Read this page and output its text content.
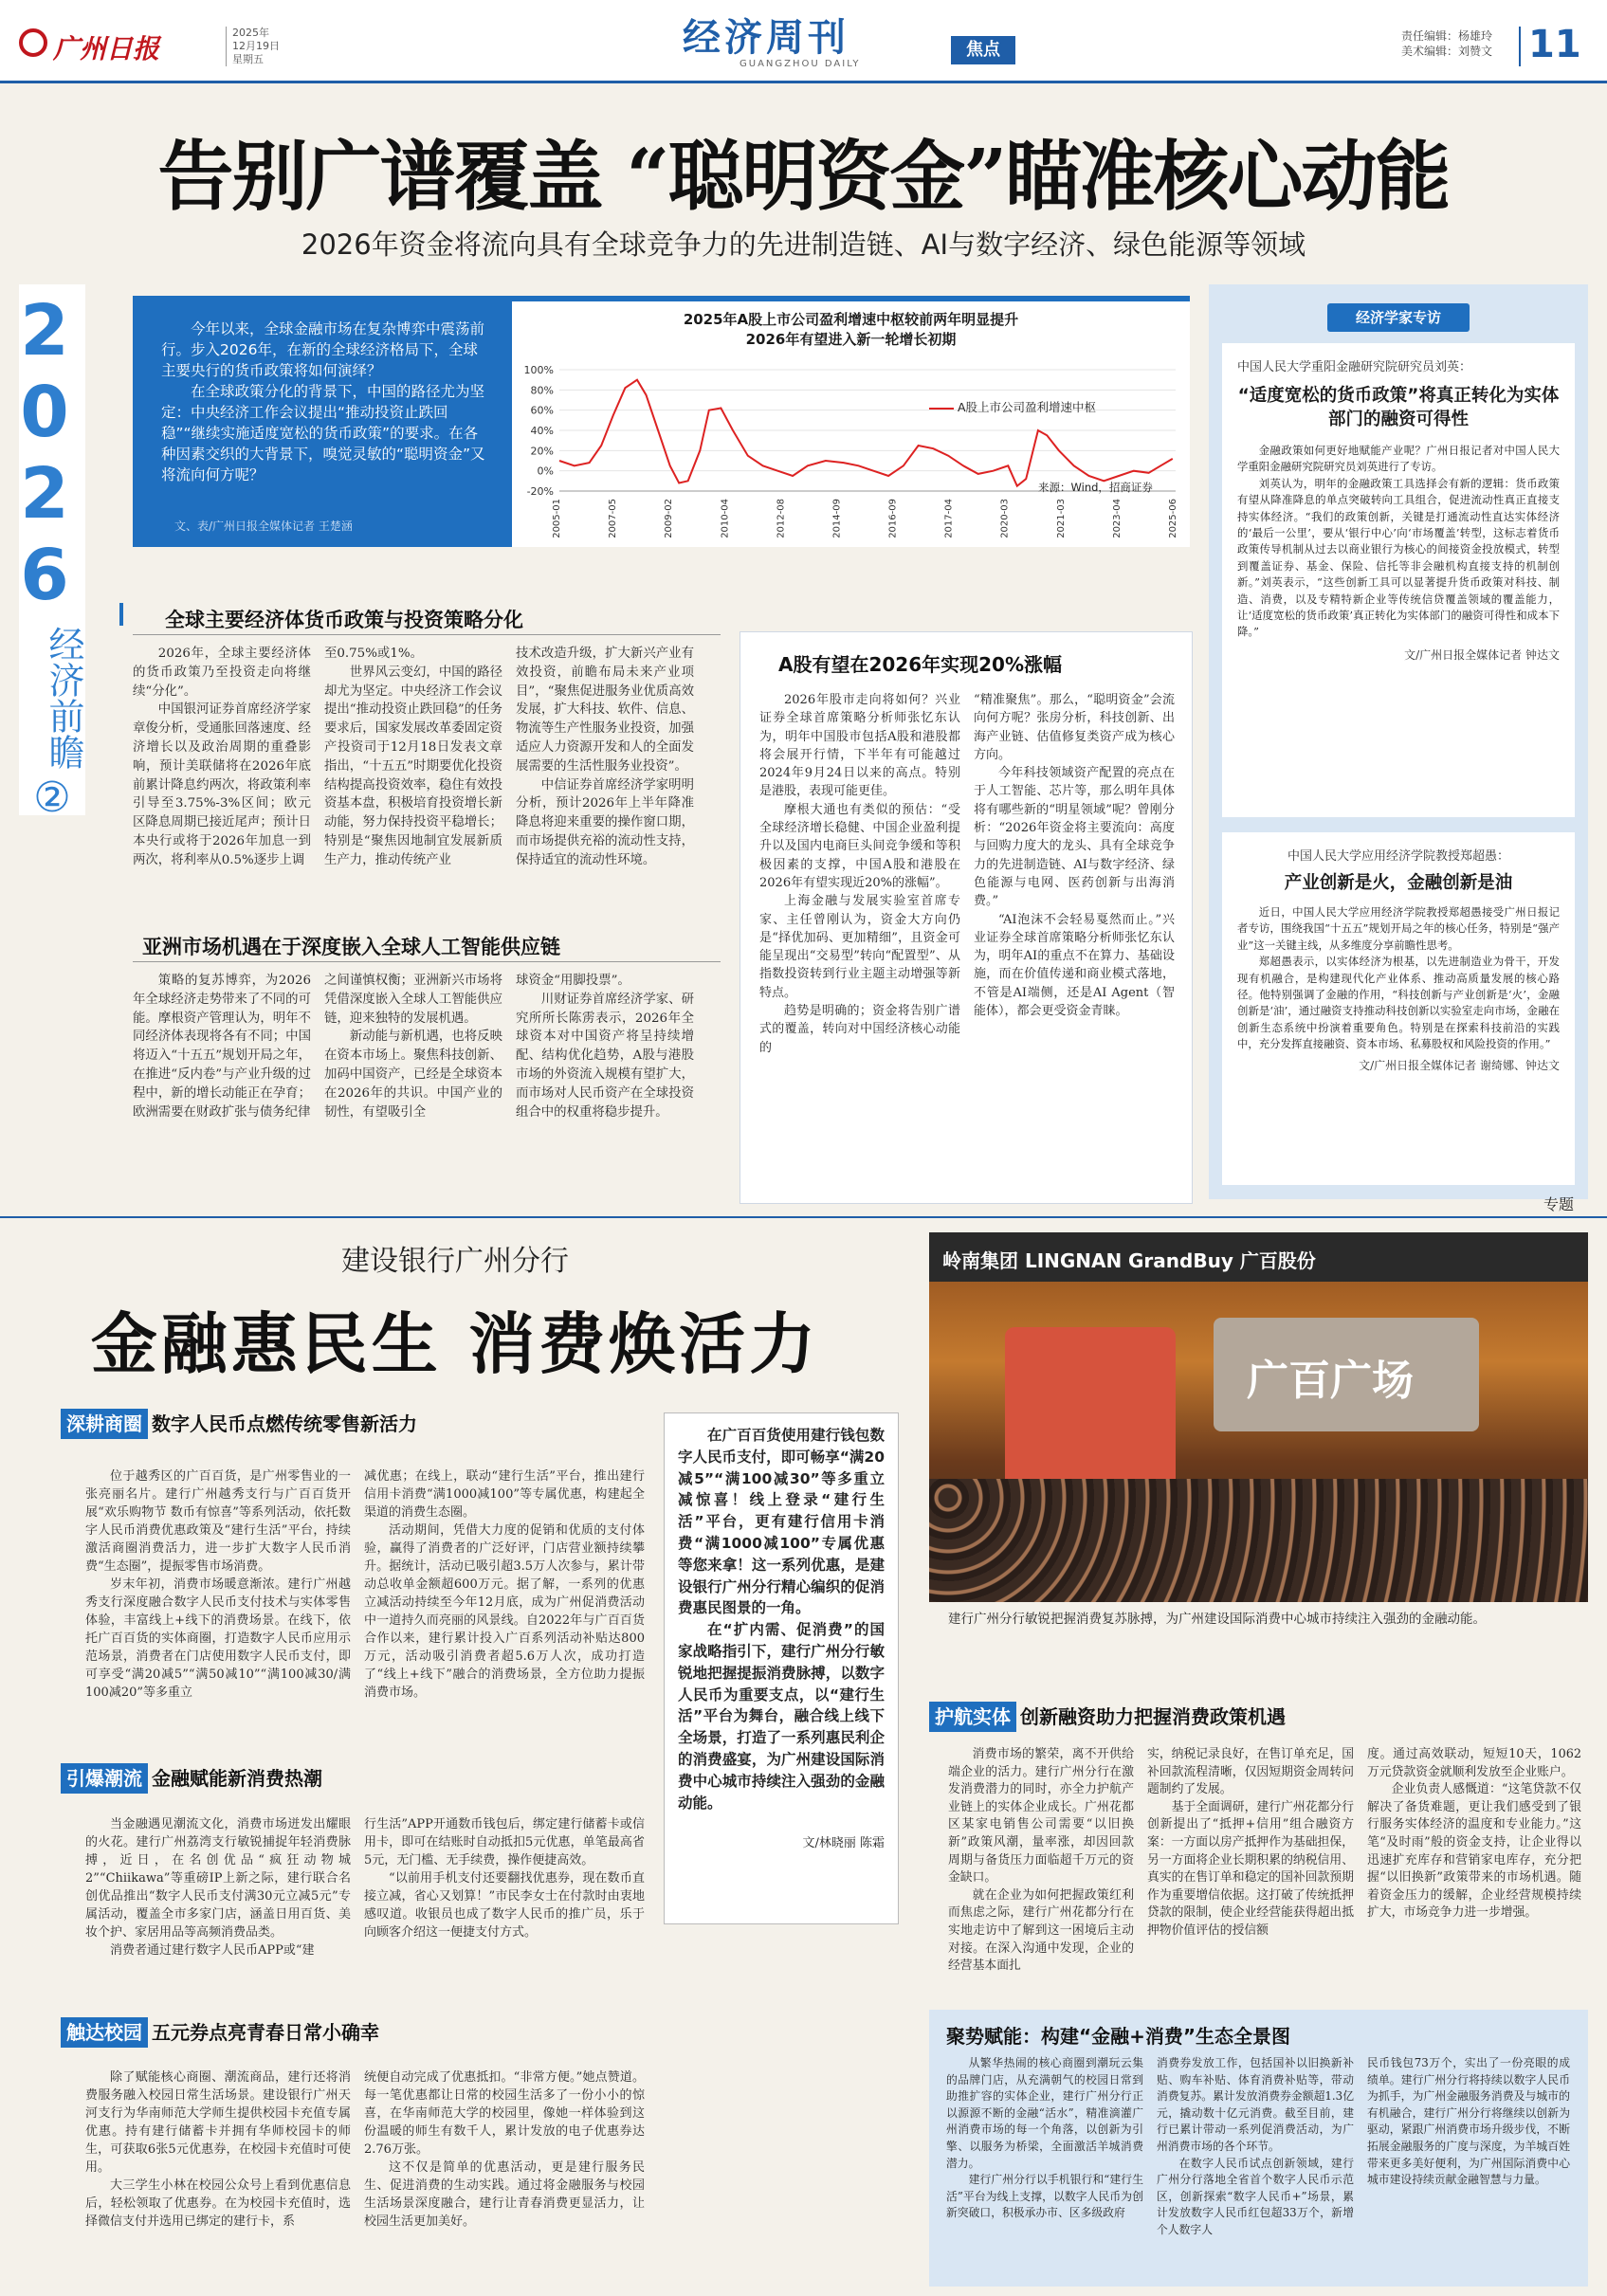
广州日报
2025年
12月19日
星期五	经济周刊
GUANGZHOU DAILY
焦点
责任编辑：杨雄玲
美术编辑：刘赞文 11
告别广谱覆盖 “聪明资金”瞄准核心动能
2026年资金将流向具有全球竞争力的先进制造链、AI与数字经济、绿色能源等领域
2026
经济前瞻
②
今年以来，全球金融市场在复杂博弈中震荡前行。步入2026年，在新的全球经济格局下，全球主要央行的货币政策将如何演绎？
在全球政策分化的背景下，中国的路径尤为坚定：中央经济工作会议提出“推动投资止跌回稳”“继续实施适度宽松的货币政策”的要求。在各种因素交织的大背景下，嗅觉灵敏的“聪明资金”又将流向何方呢？
文、表/广州日报全媒体记者 王楚涵
2025年A股上市公司盈利增速中枢较前两年明显提升
2026年有望进入新一轮增长初期
100%
80%
60%
40%
20%
0%
-20%
2005-01	2007-05	2009-02	2010-04	2012-08	2014-09	2016-09	2017-04	2020-03	2021-03	2023-04	2025-06
A股上市公司盈利增速中枢
来源：Wind，招商证券
经济学家专访
中国人民大学重阳金融研究院研究员刘英：
“适度宽松的货币政策”将真正转化为实体部门的融资可得性
金融政策如何更好地赋能产业呢？广州日报记者对中国人民大学重阳金融研究院研究员刘英进行了专访。
刘英认为，明年的金融政策工具选择会有新的逻辑：货币政策有望从降准降息的单点突破转向工具组合，促进流动性真正直接支持实体经济。“我们的政策创新，关键是打通流动性直达实体经济的‘最后一公里’，要从‘银行中心’向‘市场覆盖’转型，这标志着货币政策传导机制从过去以商业银行为核心的间接资金投放模式，转型到覆盖证券、基金、保险、信托等非会融机构直接支持的机制创新。”刘英表示，“这些创新工具可以显著提升货币政策对科技、制造、消费，以及专精特新企业等传统信贷覆盖领域的覆盖能力，让‘适度宽松的货币政策’真正转化为实体部门的融资可得性和成本下降。”
文/广州日报全媒体记者 钟达文
中国人民大学应用经济学院教授郑超愚：
产业创新是火，金融创新是油
近日，中国人民大学应用经济学院教授郑超愚接受广州日报记者专访，围绕我国“十五五”规划开局之年的核心任务，特别是“强产业”这一关键主线，从多维度分享前瞻性思考。
郑超愚表示，以实体经济为根基，以先进制造业为骨干，开发现有机融合，是构建现代化产业体系、推动高质量发展的核心路径。他特别强调了金融的作用，“科技创新与产业创新是‘火’，金融创新是‘油’，通过融资支持推动科技创新以实验室走向市场，金融在创新生态系统中扮演着重要角色。特别是在探索科技前沿的实践中，充分发挥直接融资、资本市场、私募股权和风险投资的作用。”
文/广州日报全媒体记者 谢绮娜、钟达文
全球主要经济体货币政策与投资策略分化

2026年，全球主要经济体的货币政策乃至投资走向将继续“分化”。

中国银河证券首席经济学家章俊分析，受通胀回落速度、经济增长以及政治周期的重叠影响，预计美联储将在2026年底前累计降息约两次，将政策利率引导至3.75%-3%区间；欧元区降息周期已接近尾声；预计日本央行或将于2026年加息一到两次，将利率从0.5%逐步上调

至0.75%或1%。

世界风云变幻，中国的路径却尤为坚定。中央经济工作会议提出“推动投资止跌回稳”的任务要求后，国家发展改革委固定资产投资司于12月18日发表文章指出，“十五五”时期要优化投资结构提高投资效率，稳住有效投资基本盘，积极培育投资增长新动能，努力保持投资平稳增长；特别是“聚焦因地制宜发展新质生产力，推动传统产业

技术改造升级，扩大新兴产业有效投资，前瞻布局未来产业项目”，“聚焦促进服务业优质高效发展，扩大科技、软件、信息、物流等生产性服务业投资，加强适应人力资源开发和人的全面发展需要的生活性服务业投资”。

中信证券首席经济学家明明分析，预计2026年上半年降准降息将迎来重要的操作窗口期，而市场提供充裕的流动性支持，保持适宜的流动性环境。

亚洲市场机遇在于深度嵌入全球人工智能供应链

策略的复苏博弈，为2026年全球经济走势带来了不同的可能。摩根资产管理认为，明年不同经济体表现将各有不同；中国将迈入“十五五”规划开局之年，在推进“反内卷”与产业升级的过程中，新的增长动能正在孕育；欧洲需要在财政扩张与债务纪律

之间谨慎权衡；亚洲新兴市场将凭借深度嵌入全球人工智能供应链，迎来独特的发展机遇。

新动能与新机遇，也将反映在资本市场上。聚焦科技创新、加码中国资产，已经是全球资本在2026年的共识。中国产业的韧性，有望吸引全

球资金“用脚投票”。

川财证券首席经济学家、研究所所长陈雳表示，2026年全球资本对中国资产将呈持续增配、结构优化趋势，A股与港股市场的外资流入规模有望扩大，而市场对人民币资产在全球投资组合中的权重将稳步提升。

A股有望在2026年实现20%涨幅

2026年股市走向将如何？兴业证券全球首席策略分析师张忆东认为，明年中国股市包括A股和港股都将会展开行情，下半年有可能越过2024年9月24日以来的高点。特别是港股，表现可能更佳。

摩根大通也有类似的预估：“受全球经济增长稳健、中国企业盈利提升以及国内电商巨头间竞争缓和等积极因素的支撑，中国A股和港股在2026年有望实现近20%的涨幅”。

上海金融与发展实验室首席专家、主任曾刚认为，资金大方向仍是“择优加码、更加精细”，且资金可能呈现出“交易型”转向“配置型”、从指数投资转到行业主题主动增强等新特点。

趋势是明确的；资金将告别广谱式的覆盖，转向对中国经济核心动能的

“精准聚焦”。那么，“聪明资金”会流向何方呢？张房分析，科技创新、出海产业链、估值修复类资产成为核心方向。

今年科技领域资产配置的亮点在于人工智能、芯片等，那么明年具体将有哪些新的“明星领域”呢？曾刚分析：“2026年资金将主要流向：高度与回购力度大的龙头、具有全球竞争力的先进制造链、AI与数字经济、绿色能源与电网、医药创新与出海消费。”

“AI泡沫不会轻易戛然而止。”兴业证券全球首席策略分析师张忆东认为，明年AI的重点不在算力、基础设施，而在价值传递和商业模式落地，不管是AI端侧，还是AI Agent（智能体），都会更受资金青睐。

专题
建设银行广州分行
金融惠民生 消费焕活力
岭南集团 LINGNAN GrandBuy 广百股份
广百广场
建行广州分行敏锐把握消费复苏脉搏，为广州建设国际消费中心城市持续注入强劲的金融动能。
在广百百货使用建行钱包数字人民币支付，即可畅享“满20减5”“满100减30”等多重立减惊喜！线上登录“建行生活”平台，更有建行信用卡消费“满1000减100”专属优惠等您来拿！这一系列优惠，是建设银行广州分行精心编织的促消费惠民图景的一角。
在“扩内需、促消费”的国家战略指引下，建行广州分行敏锐地把握提振消费脉搏，以数字人民币为重要支点，以“建行生活”平台为舞台，融合线上线下全场景，打造了一系列惠民利企的消费盛宴，为广州建设国际消费中心城市持续注入强劲的金融动能。
文/林晓丽 陈霜
深耕商圈 数字人民币点燃传统零售新活力

位于越秀区的广百百货，是广州零售业的一张亮丽名片。建行广州越秀支行与广百百货开展“欢乐购物节 数币有惊喜”等系列活动，依托数字人民币消费优惠政策及“建行生活”平台，持续激活商圈消费活力，进一步扩大数字人民币消费“生态圈”，提振零售市场消费。

岁末年初，消费市场暖意渐浓。建行广州越秀支行深度融合数字人民币支付技术与实体零售体验，丰富线上+线下的消费场景。在线下，依托广百百货的实体商圈，打造数字人民币应用示范场景，消费者在门店使用数字人民币支付，即可享受“满20减5”“满50减10”“满100减30/满100减20”等多重立

减优惠；在线上，联动“建行生活”平台，推出建行信用卡消费“满1000减100”等专属优惠，构建起全渠道的消费生态圈。

活动期间，凭借大力度的促销和优质的支付体验，赢得了消费者的广泛好评，门店营业额持续攀升。据统计，活动已吸引超3.5万人次参与，累计带动总收单金额超600万元。据了解，一系列的优惠立减活动持续至今年12月底，成为广州促消费活动中一道持久而亮丽的风景线。自2022年与广百百货合作以来，建行累计投入广百系列活动补贴达800万元，活动吸引消费者超5.6万人次，成功打造了“线上+线下”融合的消费场景，全方位助力提振消费市场。

引爆潮流 金融赋能新消费热潮

当金融遇见潮流文化，消费市场迸发出耀眼的火花。建行广州荔湾支行敏锐捕捉年轻消费脉搏，近日，在名创优品“疯狂动物城2”“Chiikawa”等重磅IP上新之际，建行联合名创优品推出“数字人民币支付满30元立减5元”专属活动，覆盖全市多家门店，涵盖日用百货、美妆个护、家居用品等高频消费品类。

消费者通过建行数字人民币APP或“建

行生活”APP开通数币钱包后，绑定建行储蓄卡或信用卡，即可在结账时自动抵扣5元优惠，单笔最高省5元，无门槛、无手续费，操作便捷高效。

“以前用手机支付还要翻找优惠券，现在数币直接立减，省心又划算！”市民李女士在付款时由衷地感叹道。收银员也成了数字人民币的推广员，乐于向顾客介绍这一便捷支付方式。

触达校园 五元券点亮青春日常小确幸

除了赋能核心商圈、潮流商品，建行还将消费服务融入校园日常生活场景。建设银行广州天河支行为华南师范大学师生提供校园卡充值专属优惠。持有建行储蓄卡并拥有华师校园卡的师生，可获取6张5元优惠券，在校园卡充值时可使用。

大三学生小林在校园公众号上看到优惠信息后，轻松领取了优惠券。在为校园卡充值时，选择微信支付并选用已绑定的建行卡，系

统便自动完成了优惠抵扣。“非常方便。”她点赞道。每一笔优惠都让日常的校园生活多了一份小小的惊喜，在华南师范大学的校园里，像她一样体验到这份温暖的师生有数千人，累计发放的电子优惠券达2.76万张。

这不仅是简单的优惠活动，更是建行服务民生、促进消费的生动实践。通过将金融服务与校园生活场景深度融合，建行让青春消费更显活力，让校园生活更加美好。

护航实体 创新融资助力把握消费政策机遇

消费市场的繁荣，离不开供给端企业的活力。建行广州分行在激发消费潜力的同时，亦全力护航产业链上的实体企业成长。广州花都区某家电销售公司需要“以旧换新”政策风潮，量率涨，却因回款周期与备货压力面临超千万元的资金缺口。

就在企业为如何把握政策红利而焦虑之际，建行广州花都分行在实地走访中了解到这一困境后主动对接。在深入沟通中发现，企业的经营基本面扎

实，纳税记录良好，在售订单充足，国补回款流程清晰，仅因短期资金周转问题制约了发展。

基于全面调研，建行广州花都分行创新提出了“抵押+信用”组合融资方案：一方面以房产抵押作为基础担保，另一方面将企业长期积累的纳税信用、真实的在售订单和稳定的国补回款预期作为重要增信依据。这打破了传统抵押贷款的限制，使企业经营能获得超出抵押物价值评估的授信额

度。通过高效联动，短短10天，1062万元贷款资金就顺利发放至企业账户。

企业负责人感慨道：“这笔贷款不仅解决了备货难题，更让我们感受到了银行服务实体经济的温度和专业能力。”这笔“及时雨”般的资金支持，让企业得以迅速扩充库存和营销家电库存，充分把握“以旧换新”政策带来的市场机遇。随着资金压力的缓解，企业经营规模持续扩大，市场竞争力进一步增强。

聚势赋能：构建“金融+消费”生态全景图

从繁华热闹的核心商圈到潮玩云集的品牌门店，从充满朝气的校园日常到助推扩容的实体企业，建行广州分行正以源源不断的金融“活水”，精准滴灌广州消费市场的每一个角落，以创新为引擎、以服务为桥梁，全面激活羊城消费潜力。

建行广州分行以手机银行和“建行生活”平台为线上支撑，以数字人民币为创新突破口，积极承办市、区多级政府

消费券发放工作，包括国补以旧换新补贴、购车补贴、体育消费补贴等，带动消费复苏。累计发放消费券金额超1.3亿元，撬动数十亿元消费。截至目前，建行已累计带动一系列促消费活动，为广州消费市场的各个环节。

在数字人民币试点创新领域，建行广州分行落地全省首个数字人民币示范区，创新探索“数字人民币+”场景，累计发放数字人民币红包超33万个，新增个人数字人

民币钱包73万个，实出了一份亮眼的成绩单。建行广州分行将持续以数字人民币为抓手，为广州金融服务消费及与城市的有机融合，建行广州分行将继续以创新为驱动，紧跟广州消费市场升级步伐，不断拓展金融服务的广度与深度，为羊城百姓带来更多美好便利，为广州国际消费中心城市建设持续贡献金融智慧与力量。
